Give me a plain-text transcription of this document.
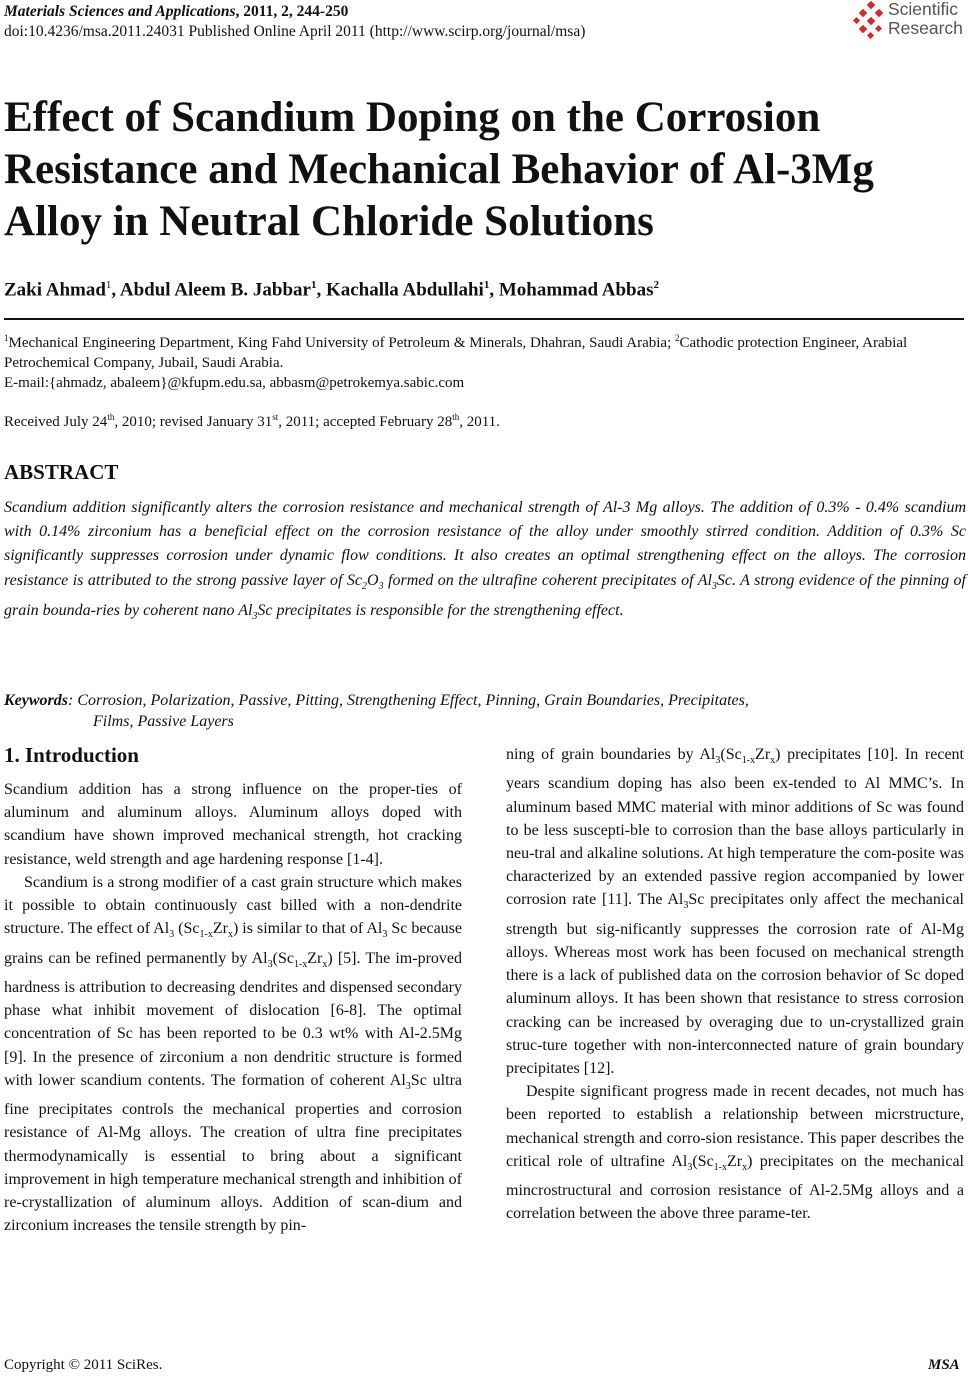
Materials Sciences and Applications, 2011, 2, 244-250
doi:10.4236/msa.2011.24031 Published Online April 2011 (http://www.scirp.org/journal/msa)
Scientific
Research
Effect of Scandium Doping on the Corrosion Resistance and Mechanical Behavior of Al-3Mg Alloy in Neutral Chloride Solutions
Zaki Ahmad$^1$, Abdul Aleem B. Jabbar$^1$, Kachalla Abdullahi$^1$, Mohammad Abbas$^2$
$^1$Mechanical Engineering Department, King Fahd University of Petroleum & Minerals, Dhahran, Saudi Arabia; $^2$Cathodic protection Engineer, Arabial Petrochemical Company, Jubail, Saudi Arabia.
E-mail:{ahmadz, abaleem}@kfupm.edu.sa, abbasm@petrokemya.sabic.com
Received July 24th, 2010; revised January 31st, 2011; accepted February 28th, 2011.
ABSTRACT
Scandium addition significantly alters the corrosion resistance and mechanical strength of Al-3 Mg alloys. The addition of 0.3% - 0.4% scandium with 0.14% zirconium has a beneficial effect on the corrosion resistance of the alloy under smoothly stirred condition. Addition of 0.3% Sc significantly suppresses corrosion under dynamic flow conditions. It also creates an optimal strengthening effect on the alloys. The corrosion resistance is attributed to the strong passive layer of $Sc_2O_3$ formed on the ultrafine coherent precipitates of $Al_3Sc$. A strong evidence of the pinning of grain bounda-ries by coherent nano $Al_3Sc$ precipitates is responsible for the strengthening effect.
Keywords: Corrosion, Polarization, Passive, Pitting, Strengthening Effect, Pinning, Grain Boundaries, Precipitates,
Films, Passive Layers
1. Introduction

Scandium addition has a strong influence on the proper-ties of aluminum and aluminum alloys. Aluminum alloys doped with scandium have shown improved mechanical strength, hot cracking resistance, weld strength and age hardening response [1-4].

Scandium is a strong modifier of a cast grain structure which makes it possible to obtain continuously cast billed with a non-dendrite structure. The effect of $Al_3$ $(Sc_{1-x}Zr_x)$ is similar to that of $Al_3$ Sc because grains can be refined permanently by $Al_3(Sc_{1-x}Zr_x)$ [5]. The im-proved hardness is attribution to decreasing dendrites and dispensed secondary phase what inhibit movement of dislocation [6-8]. The optimal concentration of Sc has been reported to be 0.3 wt% with Al-2.5Mg [9]. In the presence of zirconium a non dendritic structure is formed with lower scandium contents. The formation of coherent $Al_3Sc$ ultra fine precipitates controls the mechanical properties and corrosion resistance of Al-Mg alloys. The creation of ultra fine precipitates thermodynamically is essential to bring about a significant improvement in high temperature mechanical strength and inhibition of re-crystallization of aluminum alloys. Addition of scan-dium and zirconium increases the tensile strength by pin-

ning of grain boundaries by $Al_3(Sc_{1-x}Zr_x)$ precipitates [10]. In recent years scandium doping has also been ex-tended to Al MMC’s. In aluminum based MMC material with minor additions of Sc was found to be less suscepti-ble to corrosion than the base alloys particularly in neu-tral and alkaline solutions. At high temperature the com-posite was characterized by an extended passive region accompanied by lower corrosion rate [11]. The $Al_3Sc$ precipitates only affect the mechanical strength but sig-nificantly suppresses the corrosion rate of Al-Mg alloys. Whereas most work has been focused on mechanical strength there is a lack of published data on the corrosion behavior of Sc doped aluminum alloys. It has been shown that resistance to stress corrosion cracking can be increased by overaging due to un-crystallized grain struc-ture together with non-interconnected nature of grain boundary precipitates [12].

Despite significant progress made in recent decades, not much has been reported to establish a relationship between micrstructure, mechanical strength and corro-sion resistance. This paper describes the critical role of ultrafine $Al_3(Sc_{1-x}Zr_x)$ precipitates on the mechanical mincrostructural and corrosion resistance of Al-2.5Mg alloys and a correlation between the above three parame-ter.

Copyright © 2011 SciRes.	MSA
